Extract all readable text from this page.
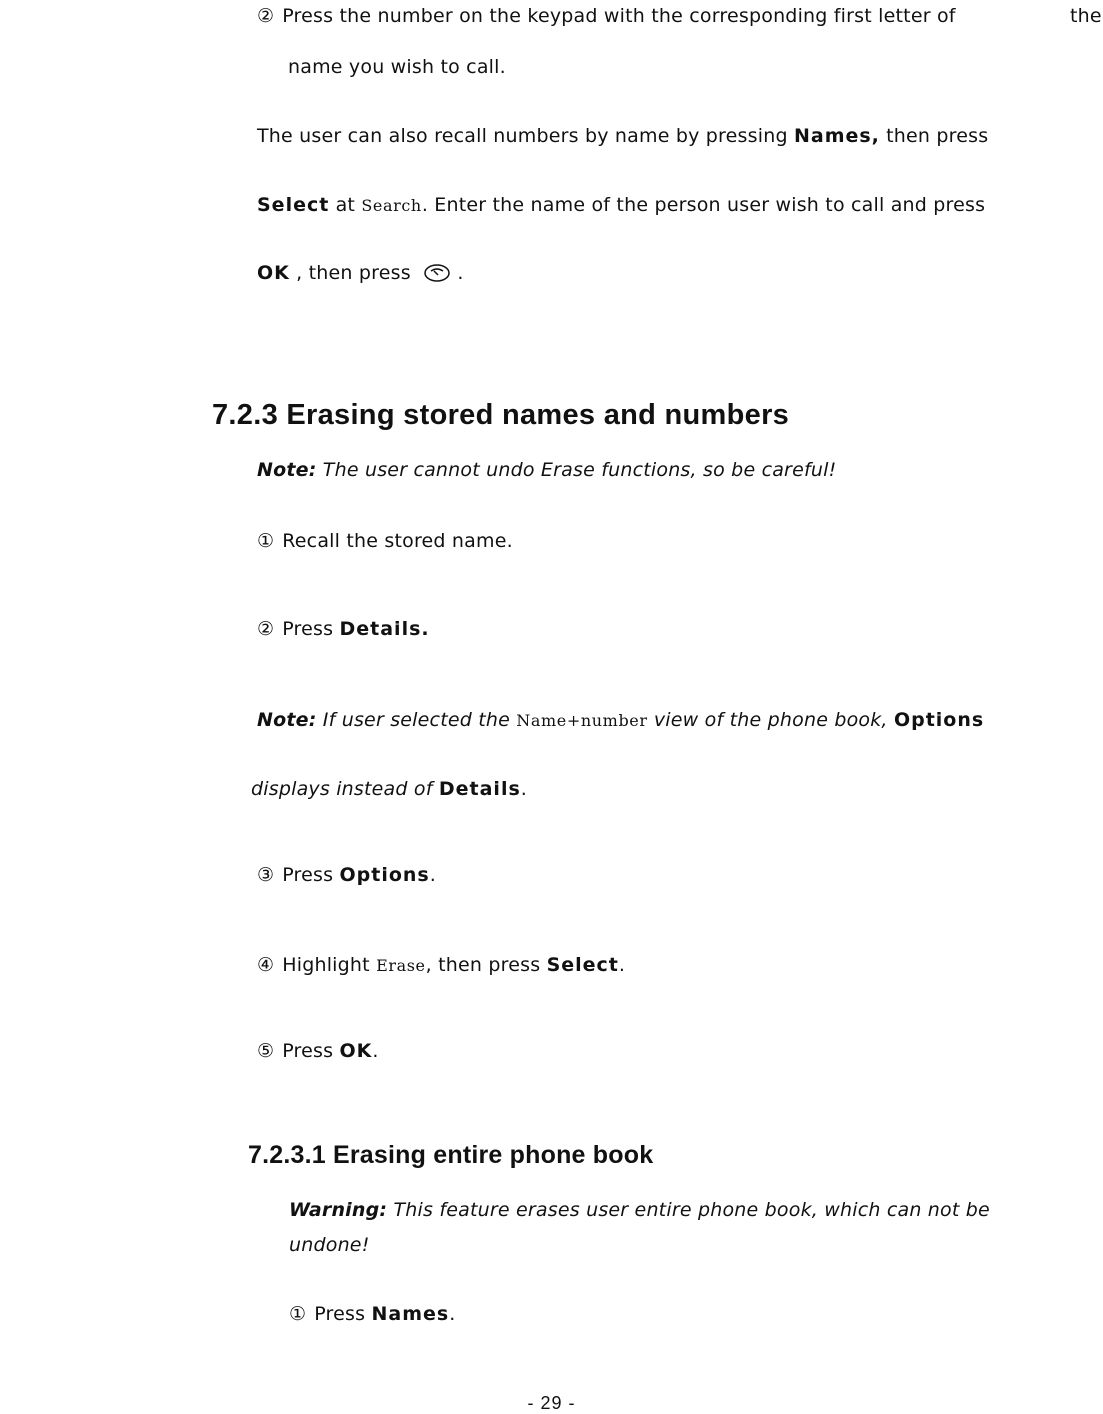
② Press the number on the keypad with the corresponding first letter of	the
name you wish to call.
The user can also recall numbers by name by pressing Names, then press
Select at Search. Enter the name of the person user wish to call and press
OK , then press .
7.2.3 Erasing stored names and numbers
Note: The user cannot undo Erase functions, so be careful!
① Recall the stored name.
② Press Details.
Note: If user selected the Name+number view of the phone book, Options
displays instead of Details.
③ Press Options.
④ Highlight Erase, then press Select.
⑤ Press OK.
7.2.3.1 Erasing entire phone book
Warning: This feature erases user entire phone book, which can not be
undone!
① Press Names.
- 29 -
